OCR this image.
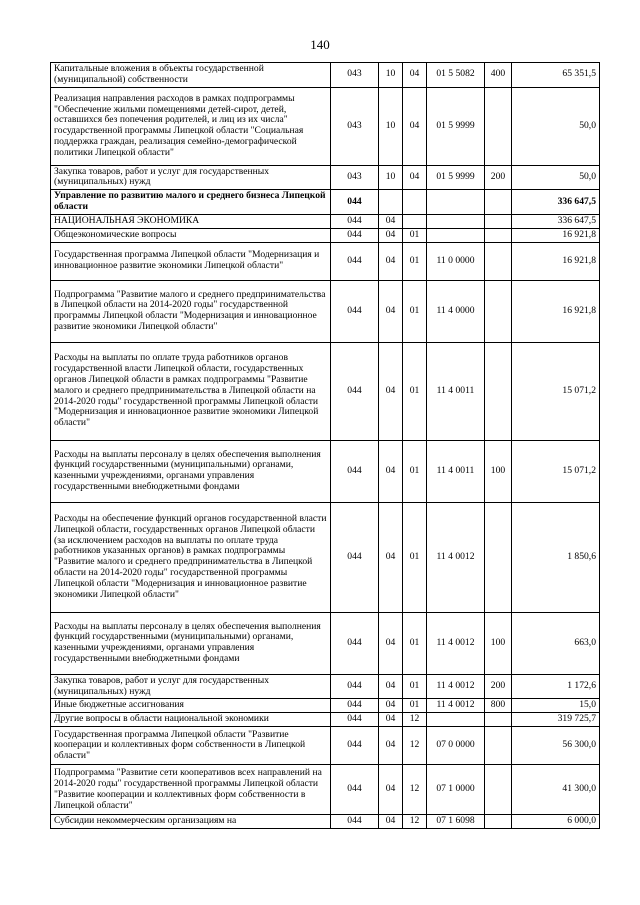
140
Капитальные вложения в объекты государственной (муниципальной) собственности	043	10	04	01 5 5082	400	65 351,5
Реализация направления расходов в рамках подпрограммы "Обеспечение жильми помещениями детей-сирот, детей, оставшихся без попечения родителей, и лиц из их числа" государственной программы Липецкой области "Социальная поддержка граждан, реализация семейно-демографической политики Липецкой области"	043	10	04	01 5 9999		50,0
Закупка товаров, работ и услуг для государственных (муниципальных) нужд	043	10	04	01 5 9999	200	50,0
Управление по развитию малого и среднего бизнеса Липецкой области	044					336 647,5
НАЦИОНАЛЬНАЯ ЭКОНОМИКА	044	04				336 647,5
Общеэкономические вопросы	044	04	01			16 921,8
Государственная программа Липецкой области "Модернизация и инновационное развитие экономики Липецкой области"	044	04	01	11 0 0000		16 921,8
Подпрограмма "Развитие малого и среднего предпринимательства в Липецкой области на 2014-2020 годы" государственной программы Липецкой области "Модернизация и инновационное развитие экономики Липецкой области"	044	04	01	11 4 0000		16 921,8
Расходы на выплаты по оплате труда работников органов государственной власти Липецкой области, государственных органов Липецкой области в рамках подпрограммы "Развитие малого и среднего предпринимательства в Липецкой области на 2014-2020 годы" государственной программы Липецкой области "Модернизация и инновационное развитие экономики Липецкой области"	044	04	01	11 4 0011		15 071,2
Расходы на выплаты персоналу в целях обеспечения выполнения функций государственными (муниципальными) органами, казенными учреждениями, органами управления государственными внебюджетными фондами	044	04	01	11 4 0011	100	15 071,2
Расходы на обеспечение функций органов государственной власти Липецкой области, государственных органов Липецкой области (за исключением расходов на выплаты по оплате труда работников указанных органов) в рамках подпрограммы "Развитие малого и среднего предпринимательства в Липецкой области на 2014-2020 годы" государственной программы Липецкой области "Модернизация и инновационное развитие экономики Липецкой области"	044	04	01	11 4 0012		1 850,6
Расходы на выплаты персоналу в целях обеспечения выполнения функций государственными (муниципальными) органами, казенными учреждениями, органами управления государственными внебюджетными фондами	044	04	01	11 4 0012	100	663,0
Закупка товаров, работ и услуг для государственных (муниципальных) нужд	044	04	01	11 4 0012	200	1 172,6
Иные бюджетные ассигнования	044	04	01	11 4 0012	800	15,0
Другие вопросы в области национальной экономики	044	04	12			319 725,7
Государственная программа Липецкой области "Развитие кооперации и коллективных форм собственности в Липецкой области"	044	04	12	07 0 0000		56 300,0
Подпрограмма "Развитие сети кооперативов всех направлений на 2014-2020 годы" государственной программы Липецкой области "Развитие кооперации и коллективных форм собственности в Липецкой области"	044	04	12	07 1 0000		41 300,0
Субсидии некоммерческим организациям на	044	04	12	07 1 6098		6 000,0
